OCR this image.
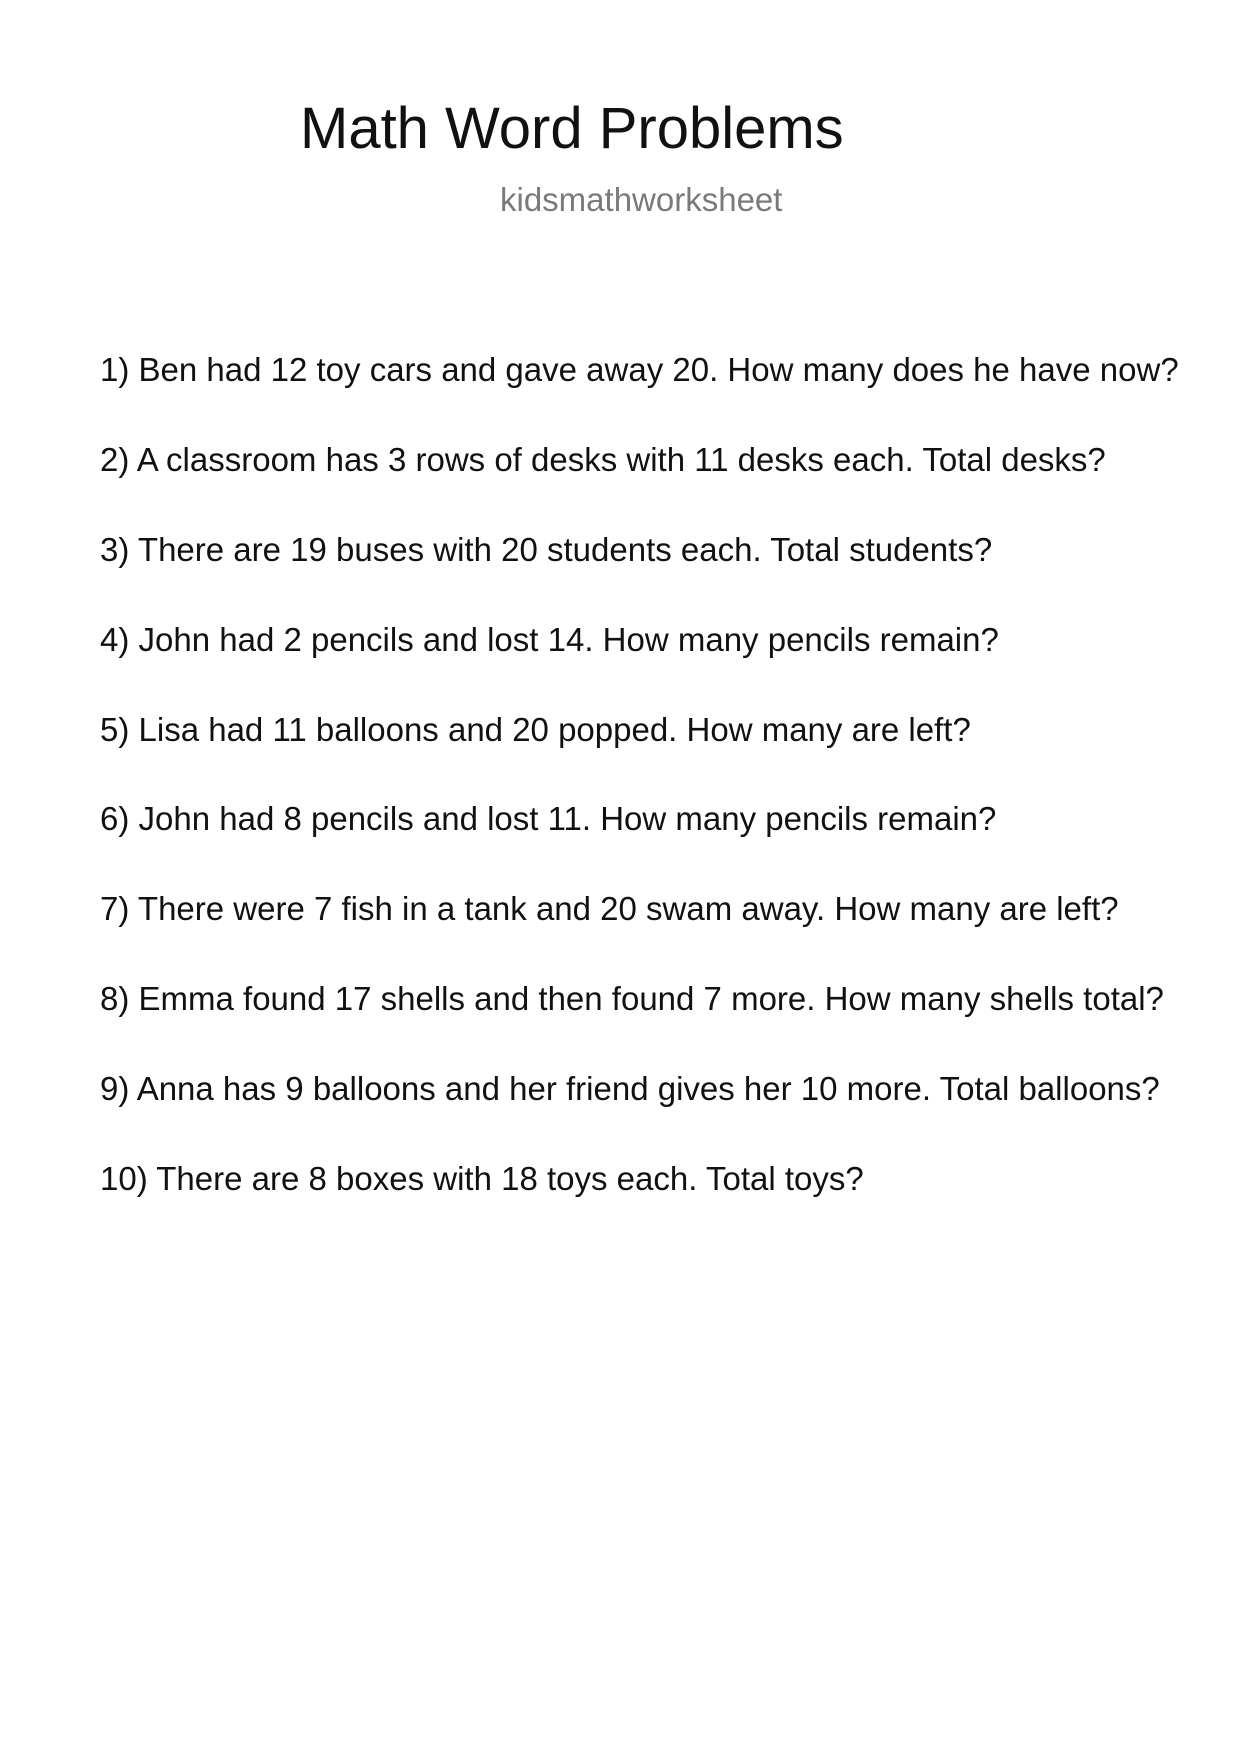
Math Word Problems
kidsmathworksheet
1) Ben had 12 toy cars and gave away 20. How many does he have now?
2) A classroom has 3 rows of desks with 11 desks each. Total desks?
3) There are 19 buses with 20 students each. Total students?
4) John had 2 pencils and lost 14. How many pencils remain?
5) Lisa had 11 balloons and 20 popped. How many are left?
6) John had 8 pencils and lost 11. How many pencils remain?
7) There were 7 fish in a tank and 20 swam away. How many are left?
8) Emma found 17 shells and then found 7 more. How many shells total?
9) Anna has 9 balloons and her friend gives her 10 more. Total balloons?
10) There are 8 boxes with 18 toys each. Total toys?
